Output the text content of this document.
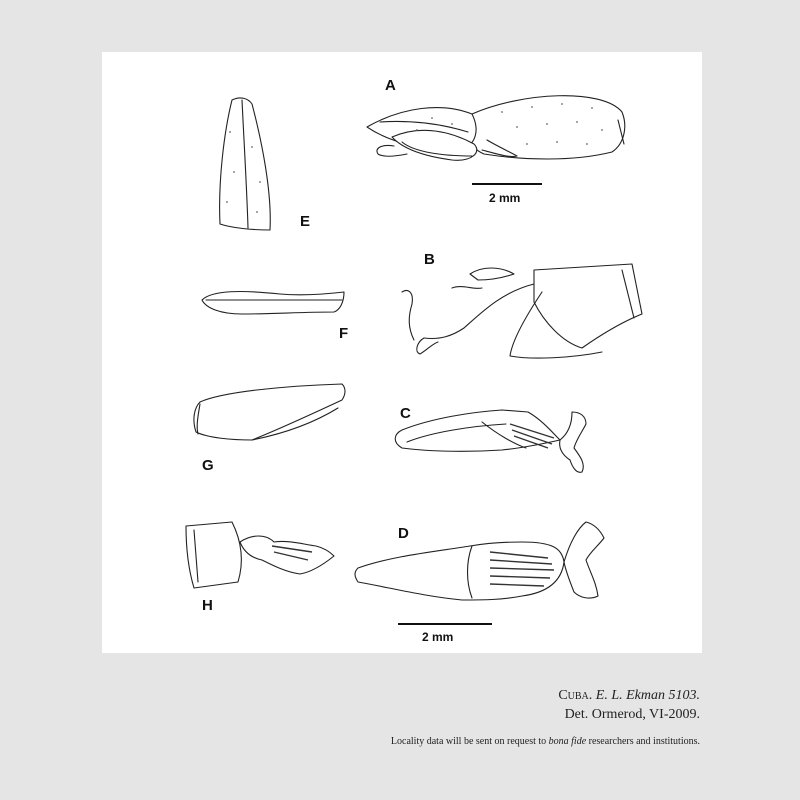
A
2 mm
E
B
F
C
G
H
D
2 mm
Cuba. E. L. Ekman 5103.
Det. Ormerod, VI-2009.
Locality data will be sent on request to bona fide researchers and institutions.
